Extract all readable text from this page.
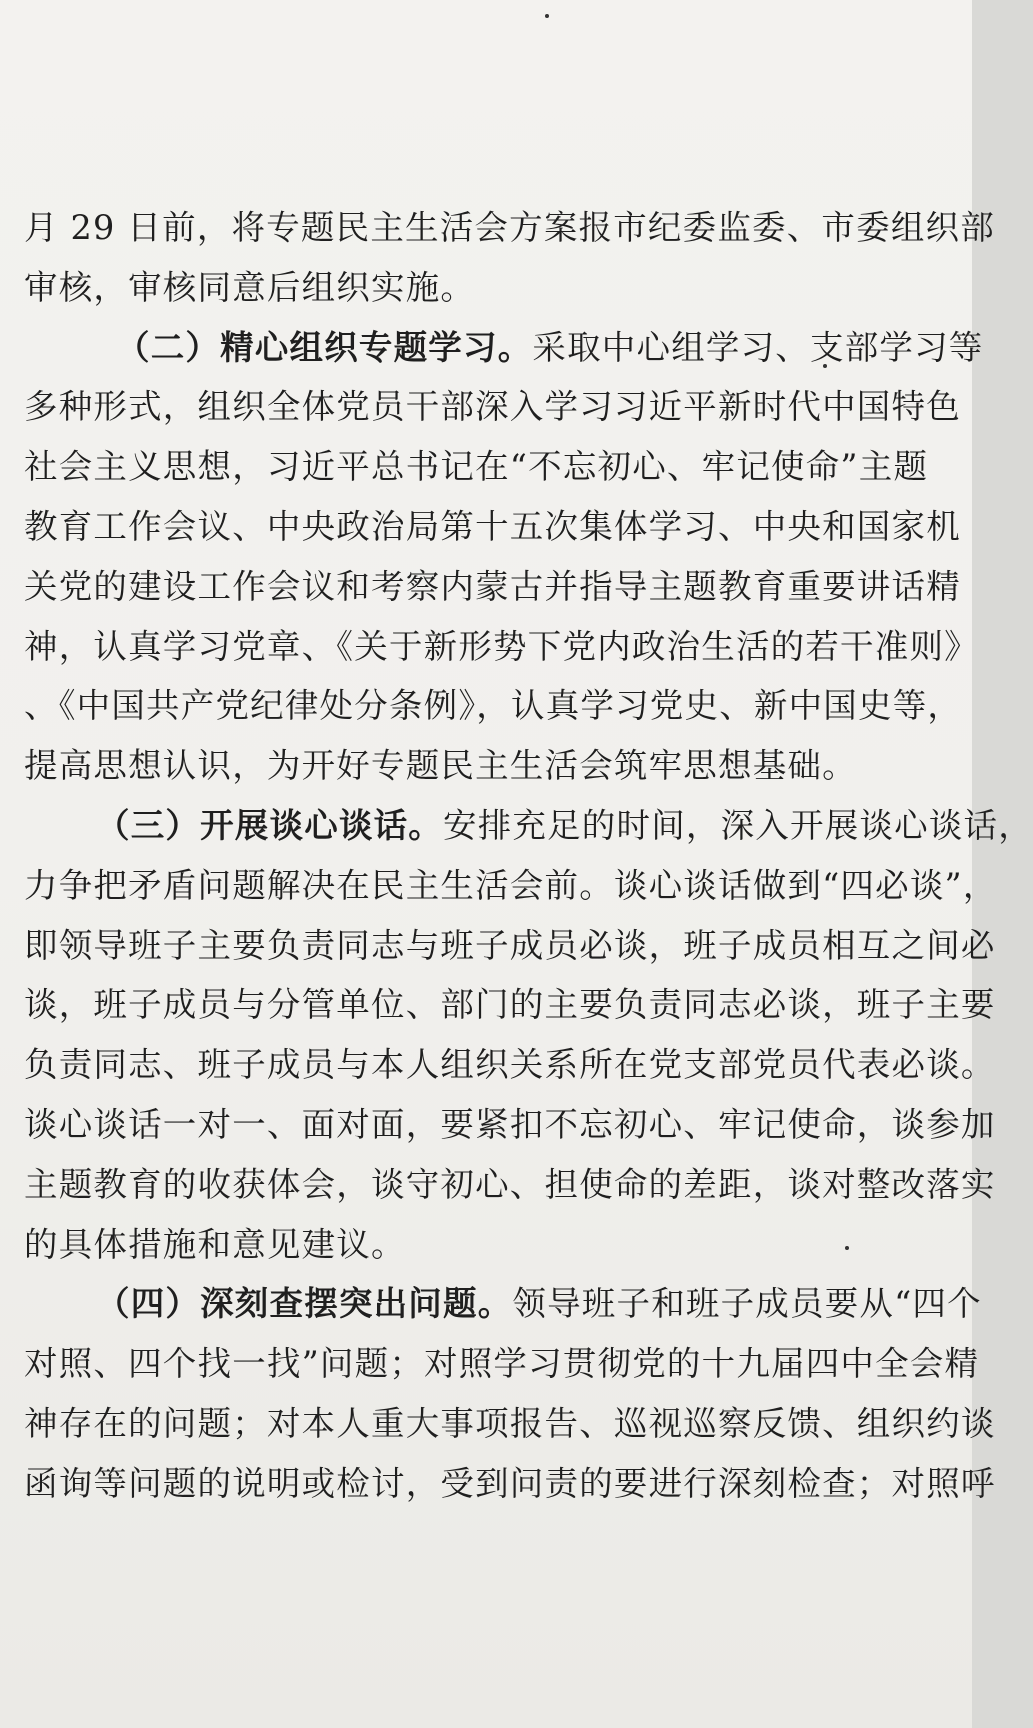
月 29 日前，将专题民主生活会方案报市纪委监委、市委组织部
审核，审核同意后组织实施。
（二）精心组织专题学习。采取中心组学习、支部学习等
多种形式，组织全体党员干部深入学习习近平新时代中国特色
社会主义思想，习近平总书记在“不忘初心、牢记使命”主题
教育工作会议、中央政治局第十五次集体学习、中央和国家机
关党的建设工作会议和考察内蒙古并指导主题教育重要讲话精
神，认真学习党章、《关于新形势下党内政治生活的若干准则》
、《中国共产党纪律处分条例》，认真学习党史、新中国史等，
提高思想认识，为开好专题民主生活会筑牢思想基础。
（三）开展谈心谈话。安排充足的时间，深入开展谈心谈话，
力争把矛盾问题解决在民主生活会前。谈心谈话做到“四必谈”，
即领导班子主要负责同志与班子成员必谈，班子成员相互之间必
谈，班子成员与分管单位、部门的主要负责同志必谈，班子主要
负责同志、班子成员与本人组织关系所在党支部党员代表必谈。
谈心谈话一对一、面对面，要紧扣不忘初心、牢记使命，谈参加
主题教育的收获体会，谈守初心、担使命的差距，谈对整改落实
的具体措施和意见建议。
（四）深刻查摆突出问题。领导班子和班子成员要从“四个
对照、四个找一找”问题；对照学习贯彻党的十九届四中全会精
神存在的问题；对本人重大事项报告、巡视巡察反馈、组织约谈
函询等问题的说明或检讨，受到问责的要进行深刻检查；对照呼
